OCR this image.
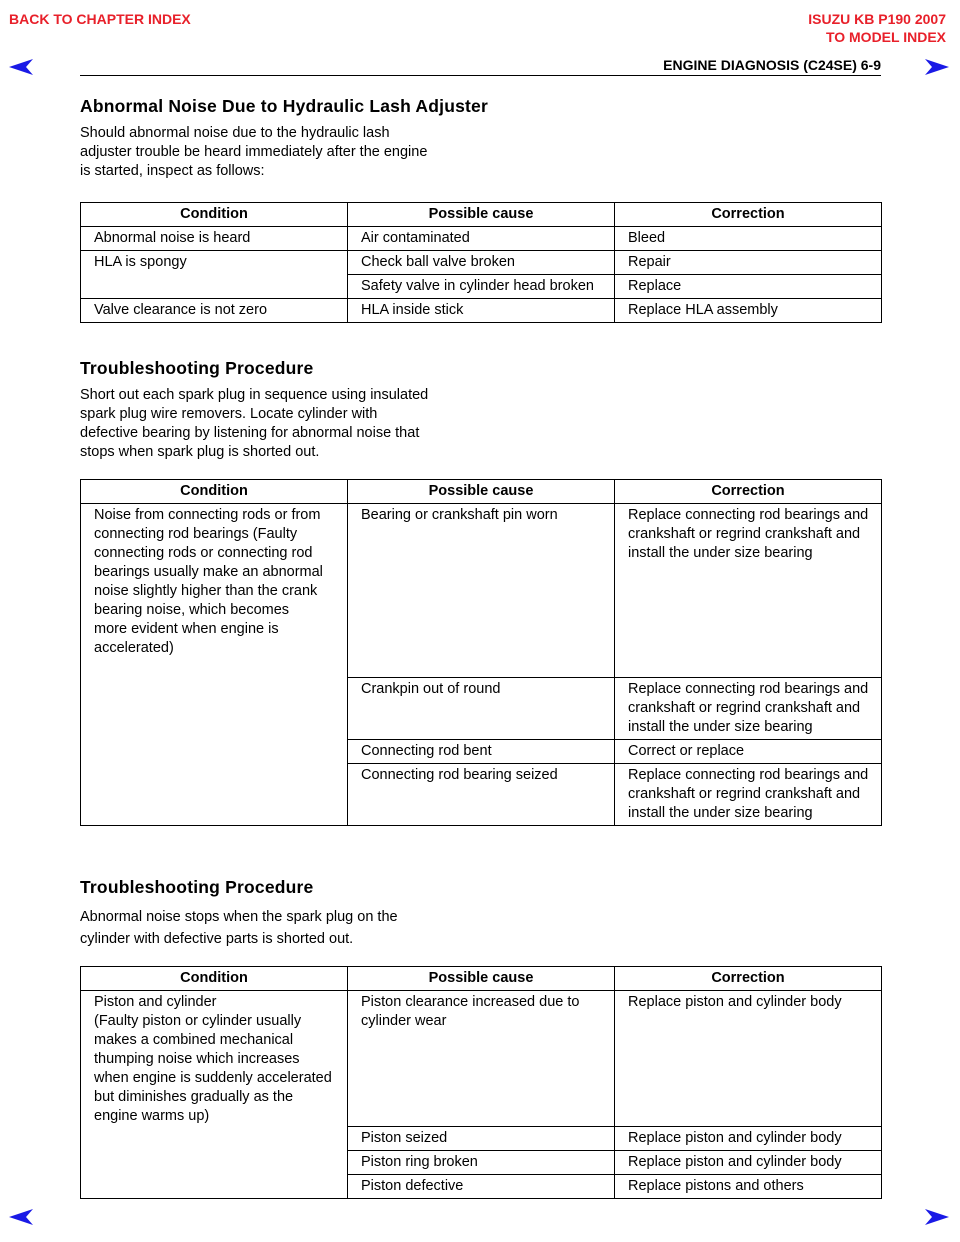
BACK TO CHAPTER INDEX	ISUZU KB P190 2007
TO MODEL INDEX
ENGINE DIAGNOSIS (C24SE) 6-9
Abnormal Noise Due to Hydraulic Lash Adjuster
Should abnormal noise due to the hydraulic lash
adjuster trouble be heard immediately after the engine
is started, inspect as follows:
Condition	Possible cause	Correction
Abnormal noise is heard	Air contaminated	Bleed
HLA is spongy	Check ball valve broken	Repair
	Safety valve in cylinder head broken	Replace
Valve clearance is not zero	HLA inside stick	Replace HLA assembly
Troubleshooting Procedure
Short out each spark plug in sequence using insulated
spark plug wire removers. Locate cylinder with
defective bearing by listening for abnormal noise that
stops when spark plug is shorted out.
Condition	Possible cause	Correction
Noise from connecting rods or from connecting rod bearings (Faulty connecting rods or connecting rod bearings usually make an abnormal noise slightly higher than the crank bearing noise, which becomes more evident when engine is accelerated)	Bearing or crankshaft pin worn	Replace connecting rod bearings and crankshaft or regrind crankshaft and install the under size bearing
	Crankpin out of round	Replace connecting rod bearings and crankshaft or regrind crankshaft and install the under size bearing
	Connecting rod bent	Correct or replace
	Connecting rod bearing seized	Replace connecting rod bearings and crankshaft or regrind crankshaft and install the under size bearing
Troubleshooting Procedure
Abnormal noise stops when the spark plug on the
cylinder with defective parts is shorted out.
Condition	Possible cause	Correction

Piston and cylinder
(Faulty piston or cylinder usually makes a combined mechanical thumping noise which increases when engine is suddenly accelerated but diminishes gradually as the engine warms up)	Piston clearance increased due to cylinder wear	Replace piston and cylinder body
	Piston seized	Replace piston and cylinder body
	Piston ring broken	Replace piston and cylinder body
	Piston defective	Replace pistons and others
